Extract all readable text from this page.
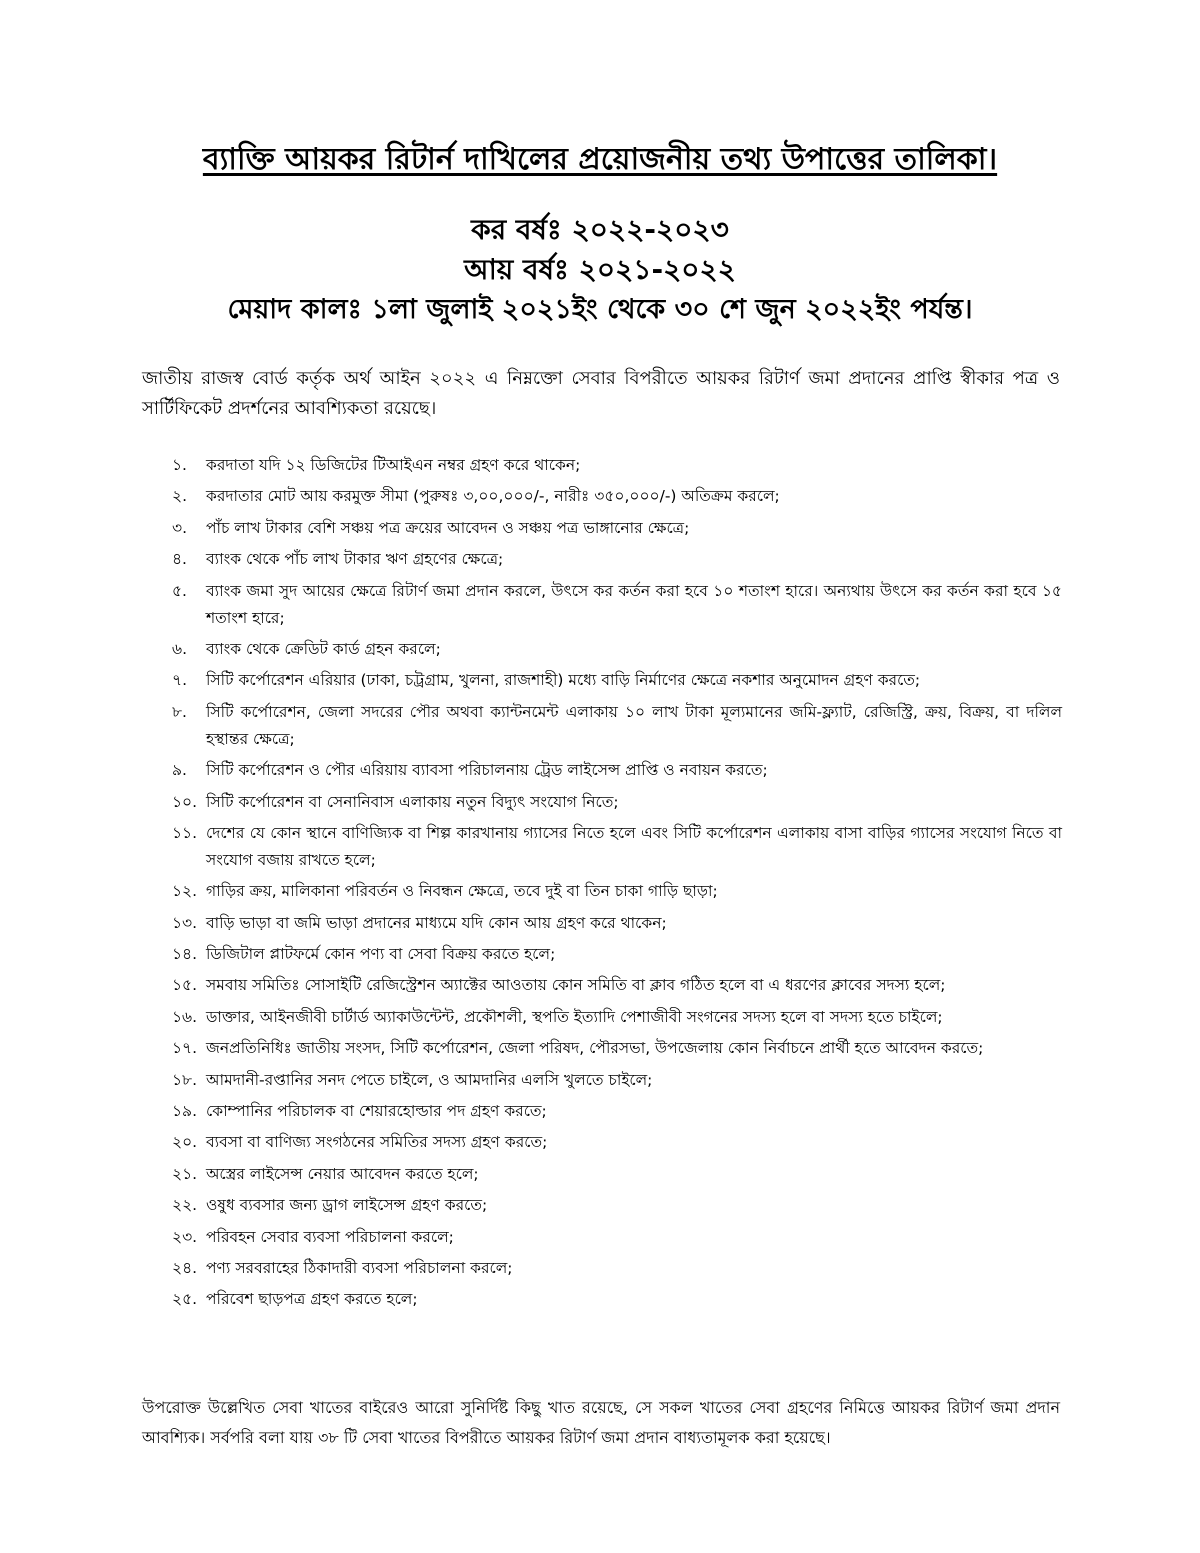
ব্যাক্তি আয়কর রিটার্ন দাখিলের প্রয়োজনীয় তথ্য উপাত্তের তালিকা।

কর বর্ষঃ ২০২২-২০২৩

আয় বর্ষঃ ২০২১-২০২২

মেয়াদ কালঃ ১লা জুলাই ২০২১ইং থেকে ৩০ শে জুন ২০২২ইং পর্যন্ত।

জাতীয় রাজস্ব বোর্ড কর্তৃক অর্থ আইন ২০২২ এ নিম্নক্তো সেবার বিপরীতে আয়কর রিটার্ণ জমা প্রদানের প্রাপ্তি স্বীকার পত্র ও সার্টিফিকেট প্রদর্শনের আবশ্যিকতা রয়েছে।

১.	করদাতা যদি ১২ ডিজিটের টিআইএন নম্বর গ্রহণ করে থাকেন;
২.	করদাতার মোট আয় করমুক্ত সীমা (পুরুষঃ ৩,০০,০০০/-, নারীঃ ৩৫০,০০০/-) অতিক্রম করলে;
৩.	পাঁচ লাখ টাকার বেশি সঞ্চয় পত্র ক্রয়ের আবেদন ও সঞ্চয় পত্র ভাঙ্গানোর ক্ষেত্রে;
৪.	ব্যাংক থেকে পাঁচ লাখ টাকার ঋণ গ্রহণের ক্ষেত্রে;
৫.	ব্যাংক জমা সুদ আয়ের ক্ষেত্রে রিটার্ণ জমা প্রদান করলে, উৎসে কর কর্তন করা হবে ১০ শতাংশ হারে। অন্যথায় উৎসে কর কর্তন করা হবে ১৫ শতাংশ হারে;
৬.	ব্যাংক থেকে ক্রেডিট কার্ড গ্রহন করলে;
৭.	সিটি কর্পোরেশন এরিয়ার (ঢাকা, চট্রগ্রাম, খুলনা, রাজশাহী) মধ্যে বাড়ি নির্মাণের ক্ষেত্রে নকশার অনুমোদন গ্রহণ করতে;
৮.	সিটি কর্পোরেশন, জেলা সদরের পৌর অথবা ক্যান্টনমেন্ট এলাকায় ১০ লাখ টাকা মূল্যমানের জমি-ফ্ল্যাট, রেজিস্ট্রি, ক্রয়, বিক্রয়, বা দলিল হস্থান্তর ক্ষেত্রে;
৯.	সিটি কর্পোরেশন ও পৌর এরিয়ায় ব্যাবসা পরিচালনায় ট্রেড লাইসেন্স প্রাপ্তি ও নবায়ন করতে;
১০. সিটি কর্পোরেশন বা সেনানিবাস এলাকায় নতুন বিদ্যুৎ সংযোগ নিতে;
১১. দেশের যে কোন স্থানে বাণিজ্যিক বা শিল্প কারখানায় গ্যাসের নিতে হলে এবং সিটি কর্পোরেশন এলাকায় বাসা বাড়ির গ্যাসের সংযোগ নিতে বা সংযোগ বজায় রাখতে হলে;
১২. গাড়ির ক্রয়, মালিকানা পরিবর্তন ও নিবন্ধন ক্ষেত্রে, তবে দুই বা তিন চাকা গাড়ি ছাড়া;
১৩. বাড়ি ভাড়া বা জমি ভাড়া প্রদানের মাধ্যমে যদি কোন আয় গ্রহণ করে থাকেন;
১৪. ডিজিটাল প্লাটফর্মে কোন পণ্য বা সেবা বিক্রয় করতে হলে;
১৫. সমবায় সমিতিঃ সোসাইটি রেজিস্ট্রেশন অ্যাক্টের আওতায় কোন সমিতি বা ক্লাব গঠিত হলে বা এ ধরণের ক্লাবের সদস্য হলে;
১৬. ডাক্তার, আইনজীবী চার্টার্ড অ্যাকাউন্টেন্ট, প্রকৌশলী, স্থপতি ইত্যাদি পেশাজীবী সংগনের সদস্য হলে বা সদস্য হতে চাইলে;
১৭. জনপ্রতিনিধিঃ জাতীয় সংসদ, সিটি কর্পোরেশন, জেলা পরিষদ, পৌরসভা, উপজেলায় কোন নির্বাচনে প্রার্থী হতে আবেদন করতে;
১৮. আমদানী-রপ্তানির সনদ পেতে চাইলে, ও আমদানির এলসি খুলতে চাইলে;
১৯. কোম্পানির পরিচালক বা শেয়ারহোল্ডার পদ গ্রহণ করতে;
২০. ব্যবসা বা বাণিজ্য সংগঠনের সমিতির সদস্য গ্রহণ করতে;
২১. অস্ত্রের লাইসেন্স নেয়ার আবেদন করতে হলে;
২২. ওষুধ ব্যবসার জন্য ড্রাগ লাইসেন্স গ্রহণ করতে;
২৩. পরিবহন সেবার ব্যবসা পরিচালনা করলে;
২৪. পণ্য সরবরাহের ঠিকাদারী ব্যবসা পরিচালনা করলে;
২৫. পরিবেশ ছাড়পত্র গ্রহণ করতে হলে;

উপরোক্ত উল্লেখিত সেবা খাতের বাইরেও আরো সুনির্দিষ্ট কিছু খাত রয়েছে, সে সকল খাতের সেবা গ্রহণের নিমিত্তে আয়কর রিটার্ণ জমা প্রদান আবশ্যিক। সর্বপরি বলা যায় ৩৮ টি সেবা খাতের বিপরীতে আয়কর রিটার্ণ জমা প্রদান বাধ্যতামূলক করা হয়েছে।
